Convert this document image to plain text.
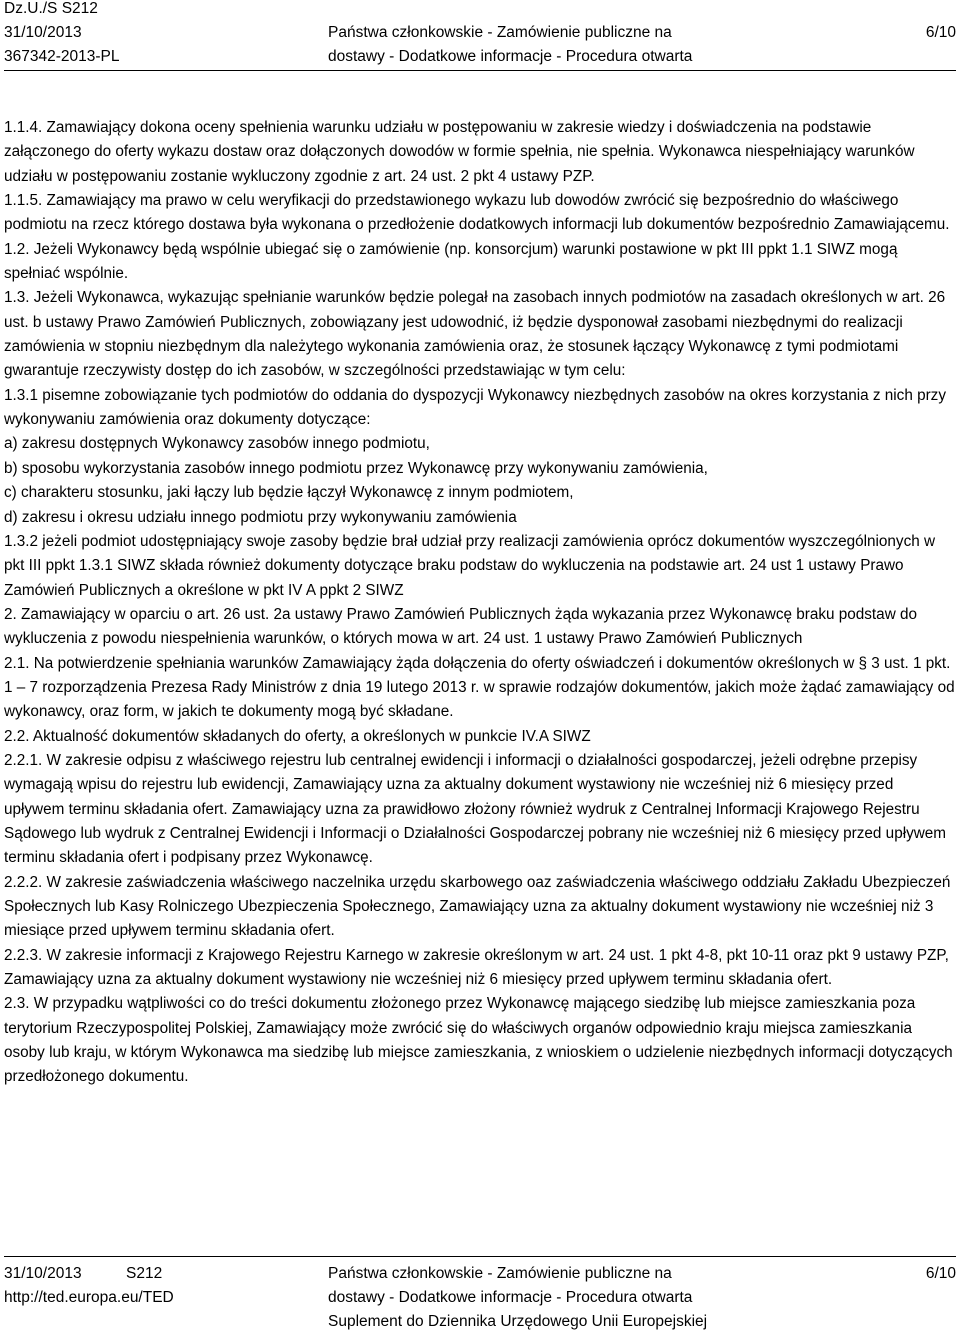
Dz.U./S S212
31/10/2013
367342-2013-PL
Państwa członkowskie - Zamówienie publiczne na
dostawy - Dodatkowe informacje - Procedura otwarta
6/10

1.1.4. Zamawiający dokona oceny spełnienia warunku udziału w postępowaniu w zakresie wiedzy i doświadczenia na podstawie załączonego do oferty wykazu dostaw oraz dołączonych dowodów w formie spełnia, nie spełnia. Wykonawca niespełniający warunków udziału w postępowaniu zostanie wykluczony zgodnie z art. 24 ust. 2 pkt 4 ustawy PZP.

1.1.5. Zamawiający ma prawo w celu weryfikacji do przedstawionego wykazu lub dowodów zwrócić się bezpośrednio do właściwego podmiotu na rzecz którego dostawa była wykonana o przedłożenie dodatkowych informacji lub dokumentów bezpośrednio Zamawiającemu.

1.2. Jeżeli Wykonawcy będą wspólnie ubiegać się o zamówienie (np. konsorcjum) warunki postawione w pkt III ppkt 1.1 SIWZ mogą spełniać wspólnie.

1.3. Jeżeli Wykonawca, wykazując spełnianie warunków będzie polegał na zasobach innych podmiotów na zasadach określonych w art. 26 ust. b ustawy Prawo Zamówień Publicznych, zobowiązany jest udowodnić, iż będzie dysponował zasobami niezbędnymi do realizacji zamówienia w stopniu niezbędnym dla należytego wykonania zamówienia oraz, że stosunek łączący Wykonawcę z tymi podmiotami gwarantuje rzeczywisty dostęp do ich zasobów, w szczególności przedstawiając w tym celu:

1.3.1 pisemne zobowiązanie tych podmiotów do oddania do dyspozycji Wykonawcy niezbędnych zasobów na okres korzystania z nich przy wykonywaniu zamówienia oraz dokumenty dotyczące:

a) zakresu dostępnych Wykonawcy zasobów innego podmiotu,

b) sposobu wykorzystania zasobów innego podmiotu przez Wykonawcę przy wykonywaniu zamówienia,

c) charakteru stosunku, jaki łączy lub będzie łączył Wykonawcę z innym podmiotem,

d) zakresu i okresu udziału innego podmiotu przy wykonywaniu zamówienia

1.3.2 jeżeli podmiot udostępniający swoje zasoby będzie brał udział przy realizacji zamówienia oprócz dokumentów wyszczególnionych w pkt III ppkt 1.3.1 SIWZ składa również dokumenty dotyczące braku podstaw do wykluczenia na podstawie art. 24 ust 1 ustawy Prawo Zamówień Publicznych a określone w pkt IV A ppkt 2 SIWZ

2. Zamawiający w oparciu o art. 26 ust. 2a ustawy Prawo Zamówień Publicznych żąda wykazania przez Wykonawcę braku podstaw do wykluczenia z powodu niespełnienia warunków, o których mowa w art. 24 ust. 1 ustawy Prawo Zamówień Publicznych

2.1. Na potwierdzenie spełniania warunków Zamawiający żąda dołączenia do oferty oświadczeń i dokumentów określonych w § 3 ust. 1 pkt. 1 – 7 rozporządzenia Prezesa Rady Ministrów z dnia 19 lutego 2013 r. w sprawie rodzajów dokumentów, jakich może żądać zamawiający od wykonawcy, oraz form, w jakich te dokumenty mogą być składane.

2.2. Aktualność dokumentów składanych do oferty, a określonych w punkcie IV.A SIWZ

2.2.1. W zakresie odpisu z właściwego rejestru lub centralnej ewidencji i informacji o działalności gospodarczej, jeżeli odrębne przepisy wymagają wpisu do rejestru lub ewidencji, Zamawiający uzna za aktualny dokument wystawiony nie wcześniej niż 6 miesięcy przed upływem terminu składania ofert. Zamawiający uzna za prawidłowo złożony również wydruk z Centralnej Informacji Krajowego Rejestru Sądowego lub wydruk z Centralnej Ewidencji i Informacji o Działalności Gospodarczej pobrany nie wcześniej niż 6 miesięcy przed upływem terminu składania ofert i podpisany przez Wykonawcę.

2.2.2. W zakresie zaświadczenia właściwego naczelnika urzędu skarbowego oaz zaświadczenia właściwego oddziału Zakładu Ubezpieczeń Społecznych lub Kasy Rolniczego Ubezpieczenia Społecznego, Zamawiający uzna za aktualny dokument wystawiony nie wcześniej niż 3 miesiące przed upływem terminu składania ofert.

2.2.3. W zakresie informacji z Krajowego Rejestru Karnego w zakresie określonym w art. 24 ust. 1 pkt 4-8, pkt 10-11 oraz pkt 9 ustawy PZP, Zamawiający uzna za aktualny dokument wystawiony nie wcześniej niż 6 miesięcy przed upływem terminu składania ofert.

2.3. W przypadku wątpliwości co do treści dokumentu złożonego przez Wykonawcę mającego siedzibę lub miejsce zamieszkania poza terytorium Rzeczypospolitej Polskiej, Zamawiający może zwrócić się do właściwych organów odpowiednio kraju miejsca zamieszkania osoby lub kraju, w którym Wykonawca ma siedzibę lub miejsce zamieszkania, z wnioskiem o udzielenie niezbędnych informacji dotyczących przedłożonego dokumentu.

31/10/2013	S212
http://ted.europa.eu/TED
Państwa członkowskie - Zamówienie publiczne na
dostawy - Dodatkowe informacje - Procedura otwarta
Suplement do Dziennika Urzędowego Unii Europejskiej
6/10
